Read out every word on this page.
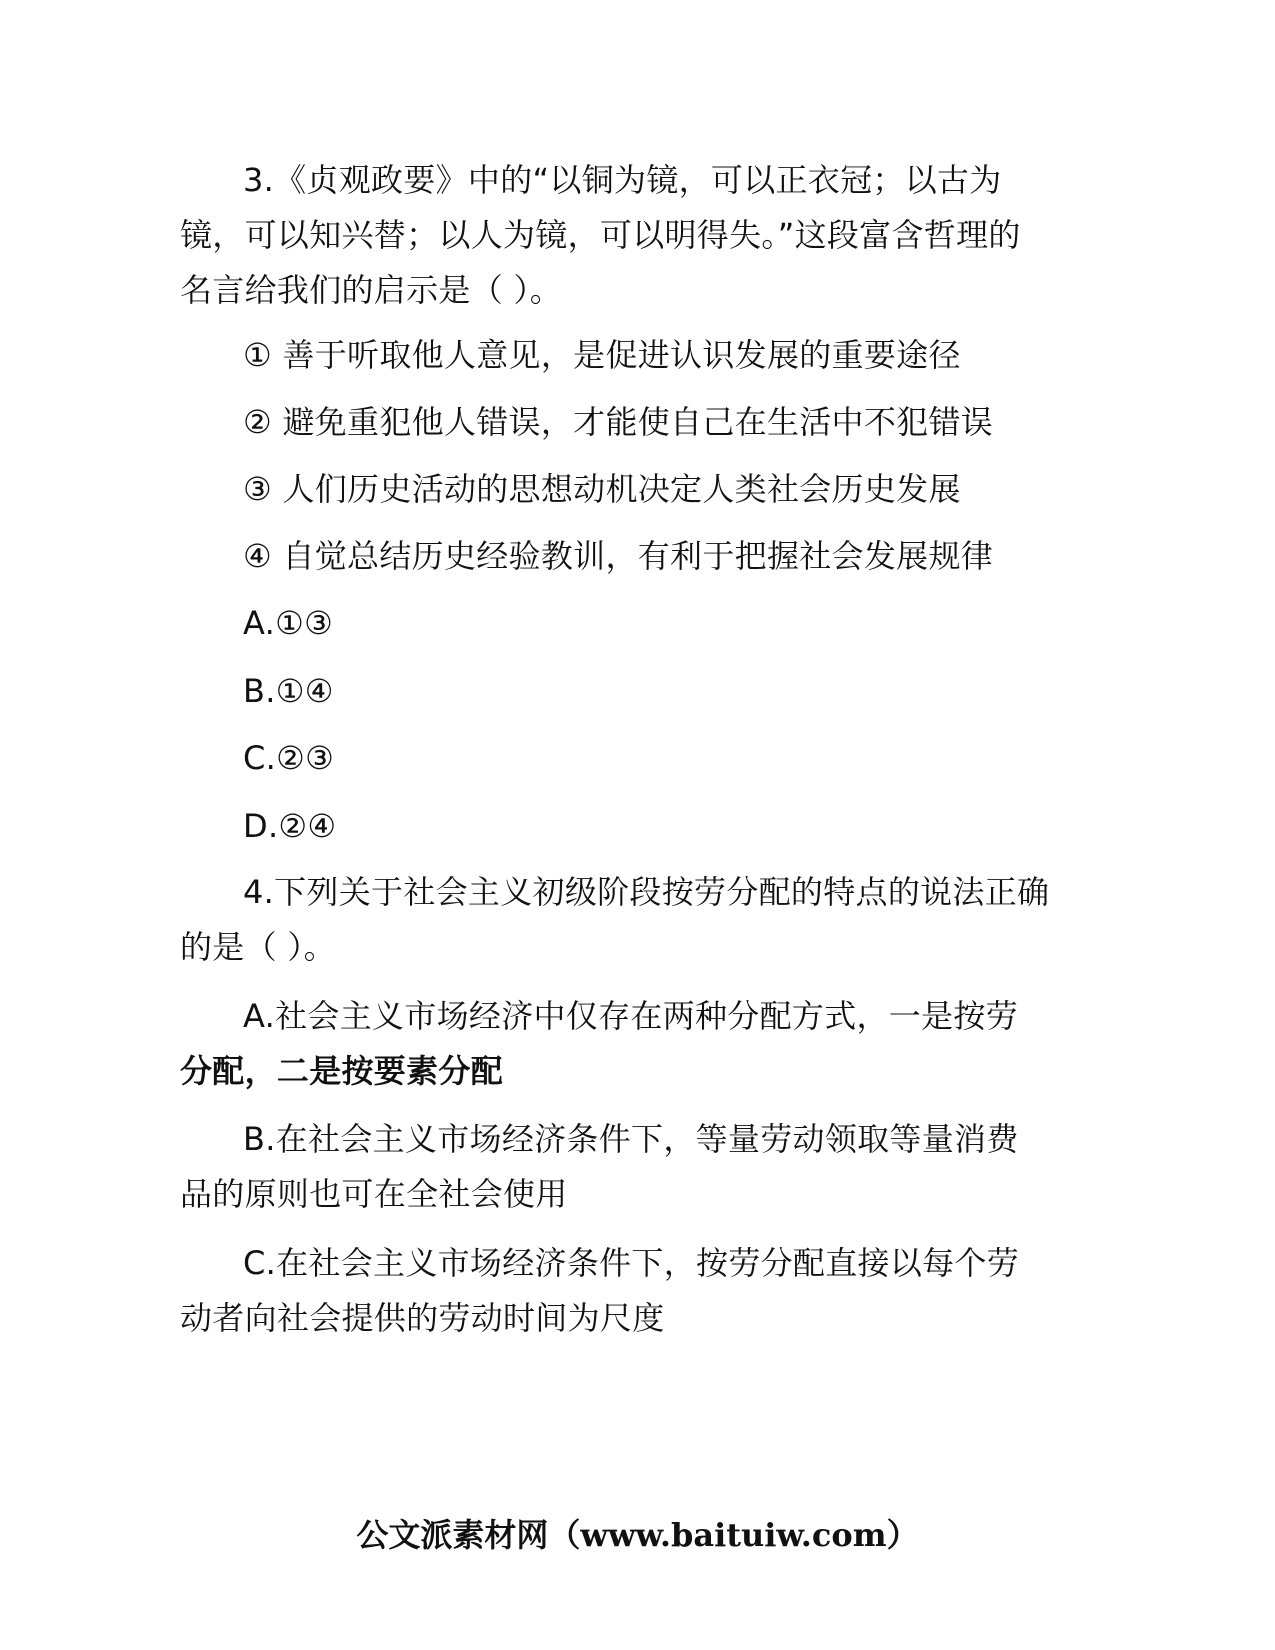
3.《贞观政要》中的“以铜为镜，可以正衣冠；以古为
镜，可以知兴替；以人为镜，可以明得失。”这段富含哲理的
名言给我们的启示是（ ）。
① 善于听取他人意见，是促进认识发展的重要途径
② 避免重犯他人错误，才能使自己在生活中不犯错误
③ 人们历史活动的思想动机决定人类社会历史发展
④ 自觉总结历史经验教训，有利于把握社会发展规律
A.①③
B.①④
C.②③
D.②④
4.下列关于社会主义初级阶段按劳分配的特点的说法正确
的是（ ）。
A.社会主义市场经济中仅存在两种分配方式，一是按劳
分配，二是按要素分配
B.在社会主义市场经济条件下，等量劳动领取等量消费
品的原则也可在全社会使用
C.在社会主义市场经济条件下，按劳分配直接以每个劳
动者向社会提供的劳动时间为尺度
公文派素材网（www.baituiw.com）
